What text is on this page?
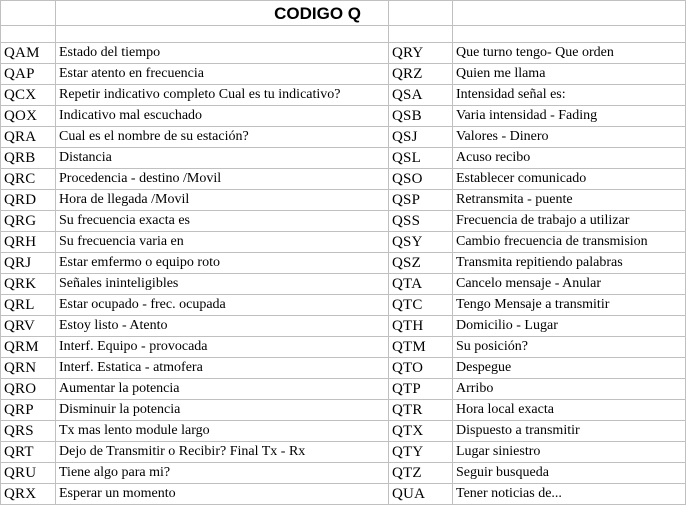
	CODIGO Q		

QAM	Estado del tiempo	QRY	Que turno tengo- Que orden
QAP	Estar atento en frecuencia	QRZ	Quien me llama
QCX	Repetir indicativo completo Cual es tu indicativo?	QSA	Intensidad señal es:
QOX	Indicativo mal escuchado	QSB	Varia intensidad - Fading
QRA	Cual es el nombre de su estación?	QSJ	Valores - Dinero
QRB	Distancia	QSL	Acuso recibo
QRC	Procedencia - destino /Movil	QSO	Establecer comunicado
QRD	Hora de llegada /Movil	QSP	Retransmita - puente
QRG	Su frecuencia exacta es	QSS	Frecuencia de trabajo a utilizar
QRH	Su frecuencia varia en	QSY	Cambio frecuencia de transmision
QRJ	Estar emfermo o equipo roto	QSZ	Transmita repitiendo palabras
QRK	Señales ininteligibles	QTA	Cancelo mensaje - Anular
QRL	Estar ocupado - frec. ocupada	QTC	Tengo Mensaje a transmitir
QRV	Estoy listo - Atento	QTH	Domicilio - Lugar
QRM	Interf. Equipo - provocada	QTM	Su posición?
QRN	Interf. Estatica - atmofera	QTO	Despegue
QRO	Aumentar la potencia	QTP	Arribo
QRP	Disminuir la potencia	QTR	Hora local exacta
QRS	Tx mas lento module largo	QTX	Dispuesto a transmitir
QRT	Dejo de Transmitir o Recibir? Final Tx - Rx	QTY	Lugar siniestro
QRU	Tiene algo para mi?	QTZ	Seguir busqueda
QRX	Esperar un momento	QUA	Tener noticias de...
